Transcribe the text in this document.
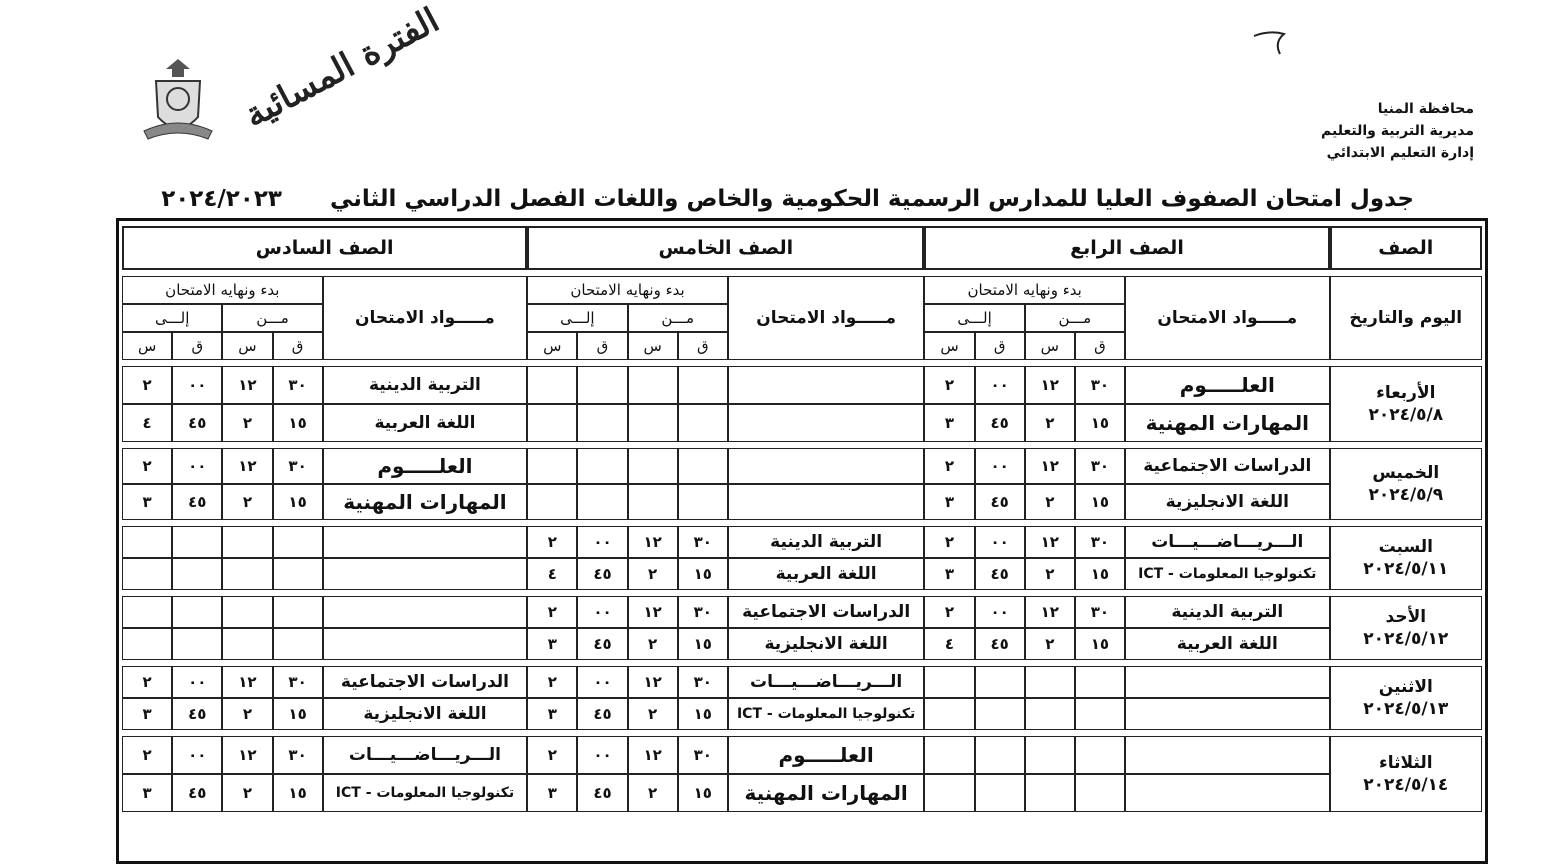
محافظة المنيا
مديرية التربية والتعليم
إدارة التعليم الابتدائي
الفترة المسائية
جدول امتحان الصفوف العليا للمدارس الرسمية الحكومية والخاص واللغات الفصل الدراسي الثاني ٢٠٢٤/٢٠٢٣
الصف	الصف الرابع					الصف الخامس					الصف السادس				

اليوم والتاريخ	مـــــواد الامتحان	بدء ونهايه الامتحان				مـــــواد الامتحان	بدء ونهايه الامتحان				مـــــواد الامتحان	بدء ونهايه الامتحان			
		مـــن		إلـــى			مـــن		إلـــى			مـــن		إلـــى	
		ق	س	ق	س		ق	س	ق	س		ق	س	ق	س

الأربعاء
٢٠٢٤/٥/٨	العلـــــوم	٣٠	١٢	٠٠	٢						التربية الدينية	٣٠	١٢	٠٠	٢
	المهارات المهنية	١٥	٢	٤٥	٣						اللغة العربية	١٥	٢	٤٥	٤

الخميس
٢٠٢٤/٥/٩	الدراسات الاجتماعية	٣٠	١٢	٠٠	٢						العلـــــوم	٣٠	١٢	٠٠	٢
	اللغة الانجليزية	١٥	٢	٤٥	٣						المهارات المهنية	١٥	٢	٤٥	٣

السبت
٢٠٢٤/٥/١١	الـــريـــاضـــيـــات	٣٠	١٢	٠٠	٢	التربية الدينية	٣٠	١٢	٠٠	٢					
	تكنولوجيا المعلومات - ICT	١٥	٢	٤٥	٣	اللغة العربية	١٥	٢	٤٥	٤					

الأحد
٢٠٢٤/٥/١٢	التربية الدينية	٣٠	١٢	٠٠	٢	الدراسات الاجتماعية	٣٠	١٢	٠٠	٢					
	اللغة العربية	١٥	٢	٤٥	٤	اللغة الانجليزية	١٥	٢	٤٥	٣					

الاثنين
٢٠٢٤/٥/١٣						الـــريـــاضـــيـــات	٣٠	١٢	٠٠	٢	الدراسات الاجتماعية	٣٠	١٢	٠٠	٢
						تكنولوجيا المعلومات - ICT	١٥	٢	٤٥	٣	اللغة الانجليزية	١٥	٢	٤٥	٣

الثلاثاء
٢٠٢٤/٥/١٤						العلـــــوم	٣٠	١٢	٠٠	٢	الـــريـــاضـــيـــات	٣٠	١٢	٠٠	٢
						المهارات المهنية	١٥	٢	٤٥	٣	تكنولوجيا المعلومات - ICT	١٥	٢	٤٥	٣
